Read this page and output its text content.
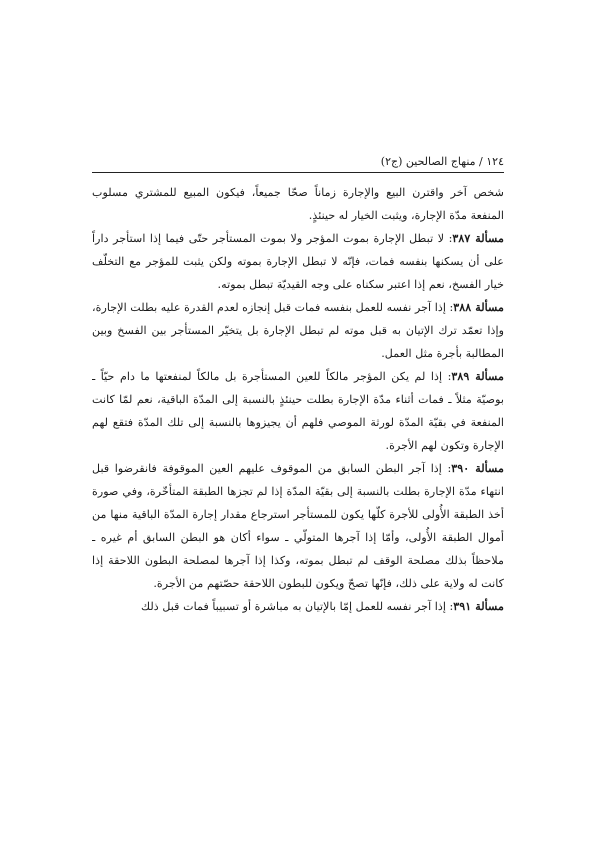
١٢٤ / منهاج الصالحين (ج٢)

شخص آخر واقترن البيع والإجارة زماناً صحّا جميعاً، فيكون المبيع للمشتري مسلوب المنفعة مدّة الإجارة، ويثبت الخيار له حينئذٍ.

مسألة ٣٨٧: لا تبطل الإجارة بموت المؤجر ولا بموت المستأجر حتّى فيما إذا استأجر داراً على أن يسكنها بنفسه فمات، فإنّه لا تبطل الإجارة بموته ولكن يثبت للمؤجر مع التخلّف خيار الفسخ، نعم إذا اعتبر سكناه على وجه القيديّة تبطل بموته.

مسألة ٣٨٨: إذا آجر نفسه للعمل بنفسه فمات قبل إنجازه لعدم القدرة عليه بطلت الإجارة، وإذا تعمّد ترك الإتيان به قبل موته لم تبطل الإجارة بل يتخيّر المستأجر بين الفسخ وبين المطالبة بأجرة مثل العمل.

مسألة ٣٨٩: إذا لم يكن المؤجر مالكاً للعين المستأجرة بل مالكاً لمنفعتها ما دام حيّاً ـ بوصيّة مثلاً ـ فمات أثناء مدّة الإجارة بطلت حينئذٍ بالنسبة إلى المدّة الباقية، نعم لمّا كانت المنفعة في بقيّة المدّة لورثة الموصي فلهم أن يجيزوها بالنسبة إلى تلك المدّة فتقع لهم الإجارة وتكون لهم الأجرة.

مسألة ٣٩٠: إذا آجر البطن السابق من الموقوف عليهم العين الموقوفة فانقرضوا قبل انتهاء مدّة الإجارة بطلت بالنسبة إلى بقيّة المدّة إذا لم تجزها الطبقة المتأخّرة، وفي صورة أخذ الطبقة الأُولى للأجرة كلّها يكون للمستأجر استرجاع مقدار إجارة المدّة الباقية منها من أموال الطبقة الأُولى، وأمّا إذا آجرها المتولّي ـ سواء أكان هو البطن السابق أم غيره ـ ملاحظاً بذلك مصلحة الوقف لم تبطل بموته، وكذا إذا آجرها لمصلحة البطون اللاحقة إذا كانت له ولاية على ذلك، فإنّها تصحّ ويكون للبطون اللاحقة حصّتهم من الأجرة.

مسألة ٣٩١: إذا آجر نفسه للعمل إمّا بالإتيان به مباشرة أو تسبيباً فمات قبل ذلك
